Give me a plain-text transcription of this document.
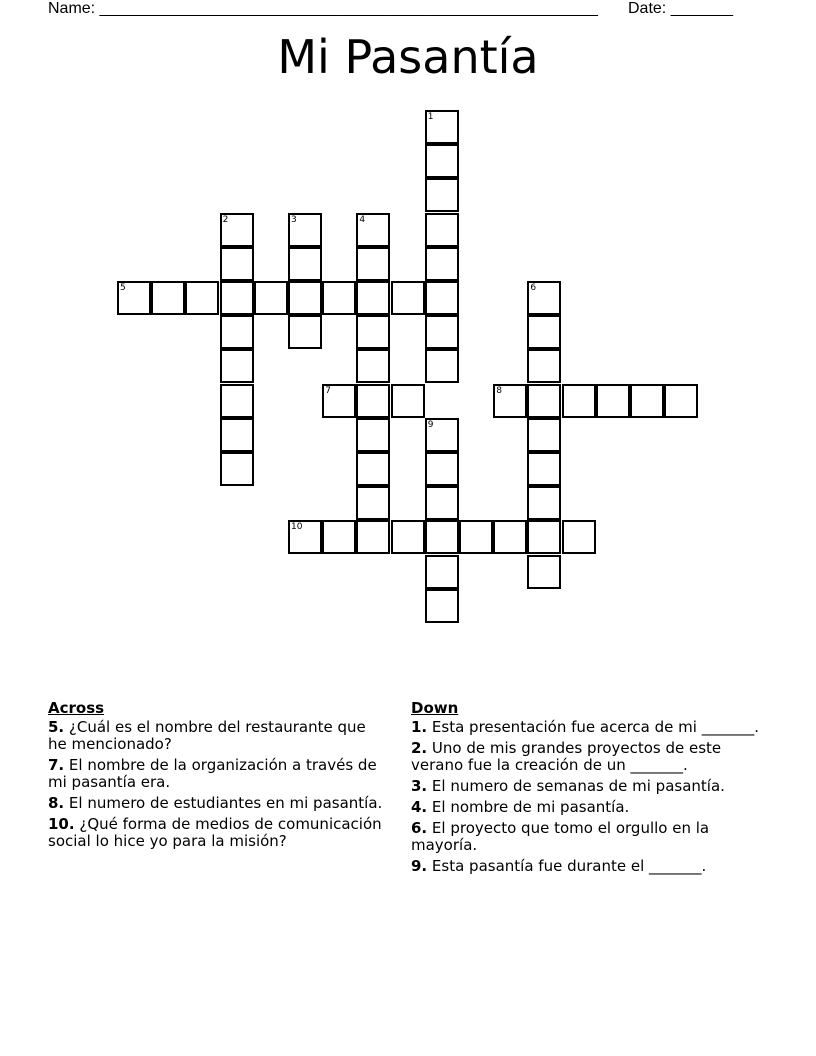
Name: ________________________________________________________ Date: _______
Mi Pasantía
1
2	3	4
5	6
7	8
9
10
Across
5. ¿Cuál es el nombre del restaurante que he mencionado?
7. El nombre de la organización a través de mi pasantía era.
8. El numero de estudiantes en mi pasantía.
10. ¿Qué forma de medios de comunicación social lo hice yo para la misión?
Down
1. Esta presentación fue acerca de mi _______.
2. Uno de mis grandes proyectos de este verano fue la creación de un _______.
3. El numero de semanas de mi pasantía.
4. El nombre de mi pasantía.
6. El proyecto que tomo el orgullo en la mayoría.
9. Esta pasantía fue durante el _______.
